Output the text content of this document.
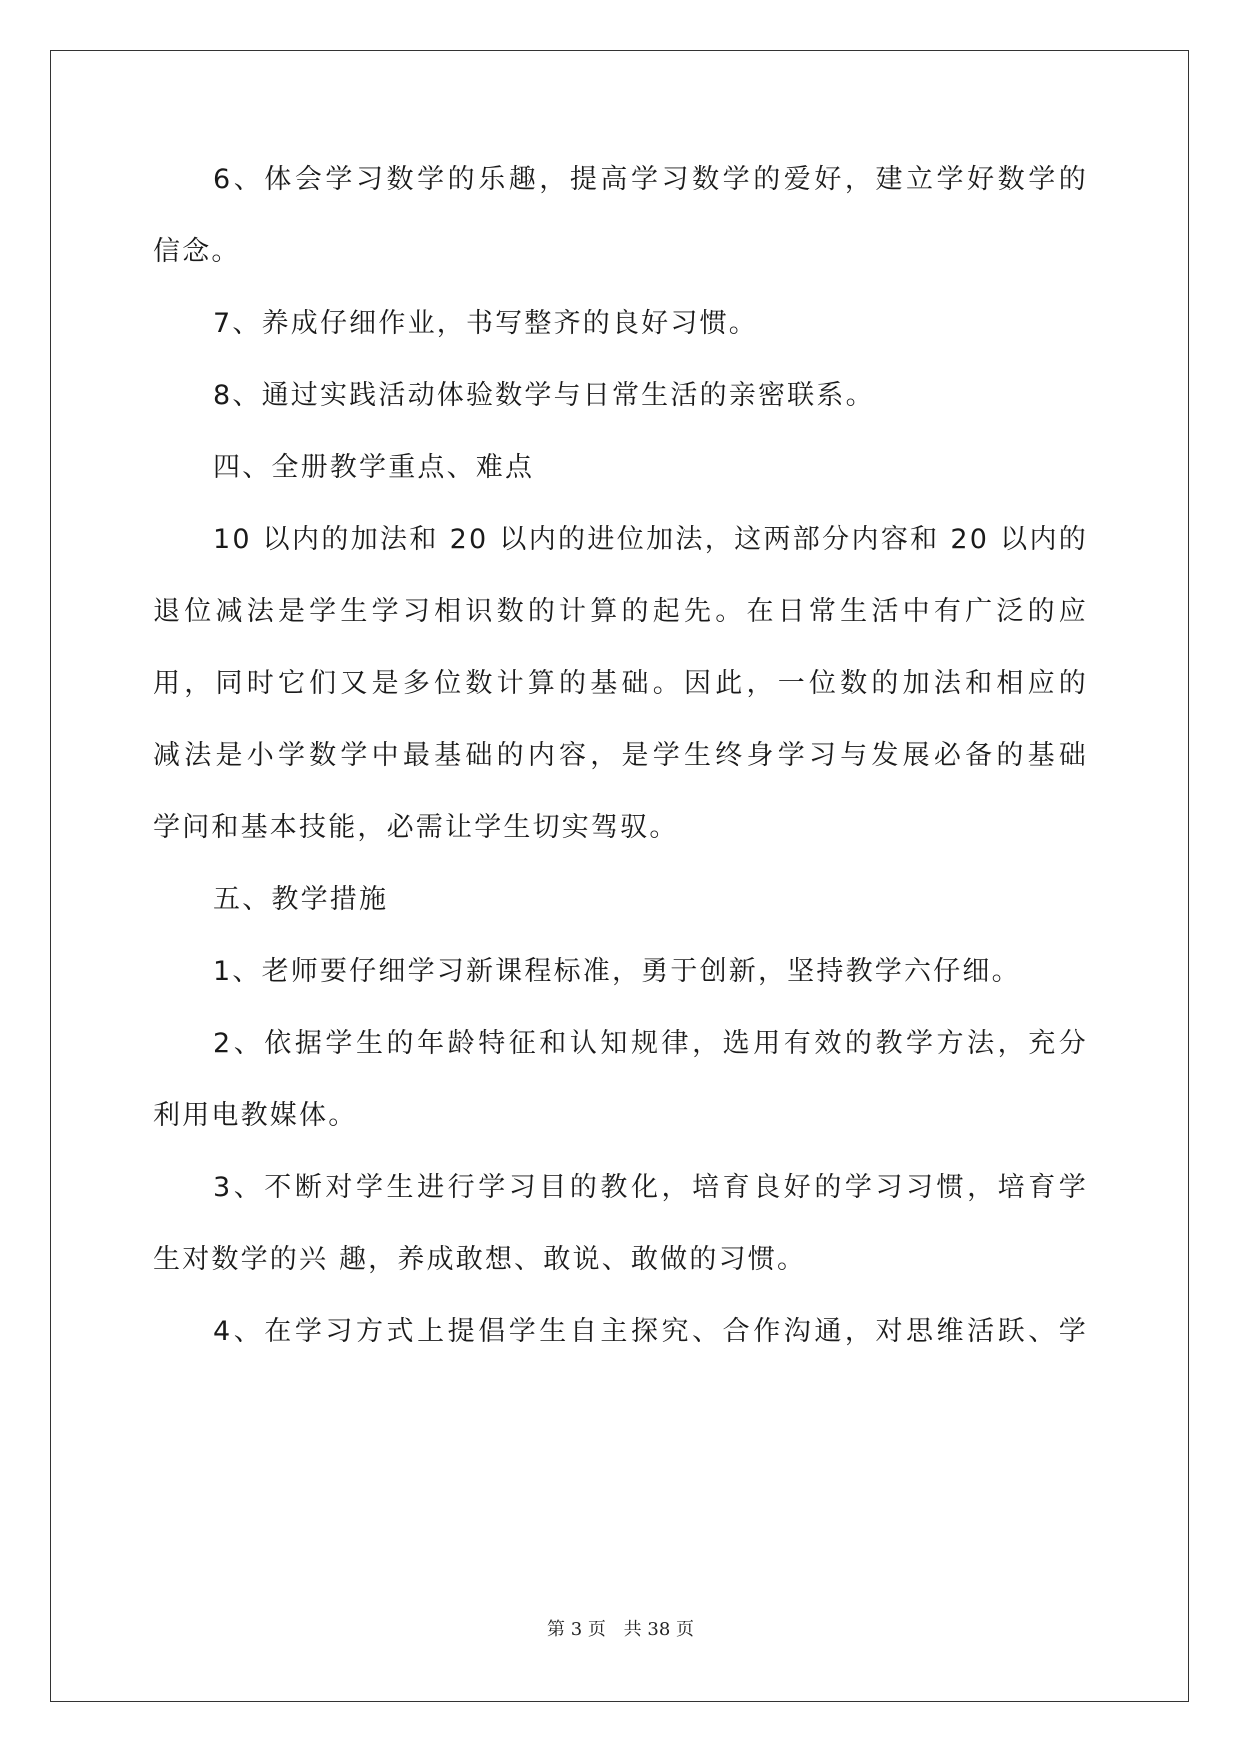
6、体会学习数学的乐趣，提高学习数学的爱好，建立学好数学的
信念。
7、养成仔细作业，书写整齐的良好习惯。
8、通过实践活动体验数学与日常生活的亲密联系。
四、全册教学重点、难点
10 以内的加法和 20 以内的进位加法，这两部分内容和 20 以内的
退位减法是学生学习相识数的计算的起先。在日常生活中有广泛的应
用，同时它们又是多位数计算的基础。因此，一位数的加法和相应的
减法是小学数学中最基础的内容，是学生终身学习与发展必备的基础
学问和基本技能，必需让学生切实驾驭。
五、教学措施
1、老师要仔细学习新课程标准，勇于创新，坚持教学六仔细。
2、依据学生的年龄特征和认知规律，选用有效的教学方法，充分
利用电教媒体。
3、不断对学生进行学习目的教化，培育良好的学习习惯，培育学
生对数学的兴 趣，养成敢想、敢说、敢做的习惯。
4、在学习方式上提倡学生自主探究、合作沟通，对思维活跃、学
第 3 页 共 38 页
